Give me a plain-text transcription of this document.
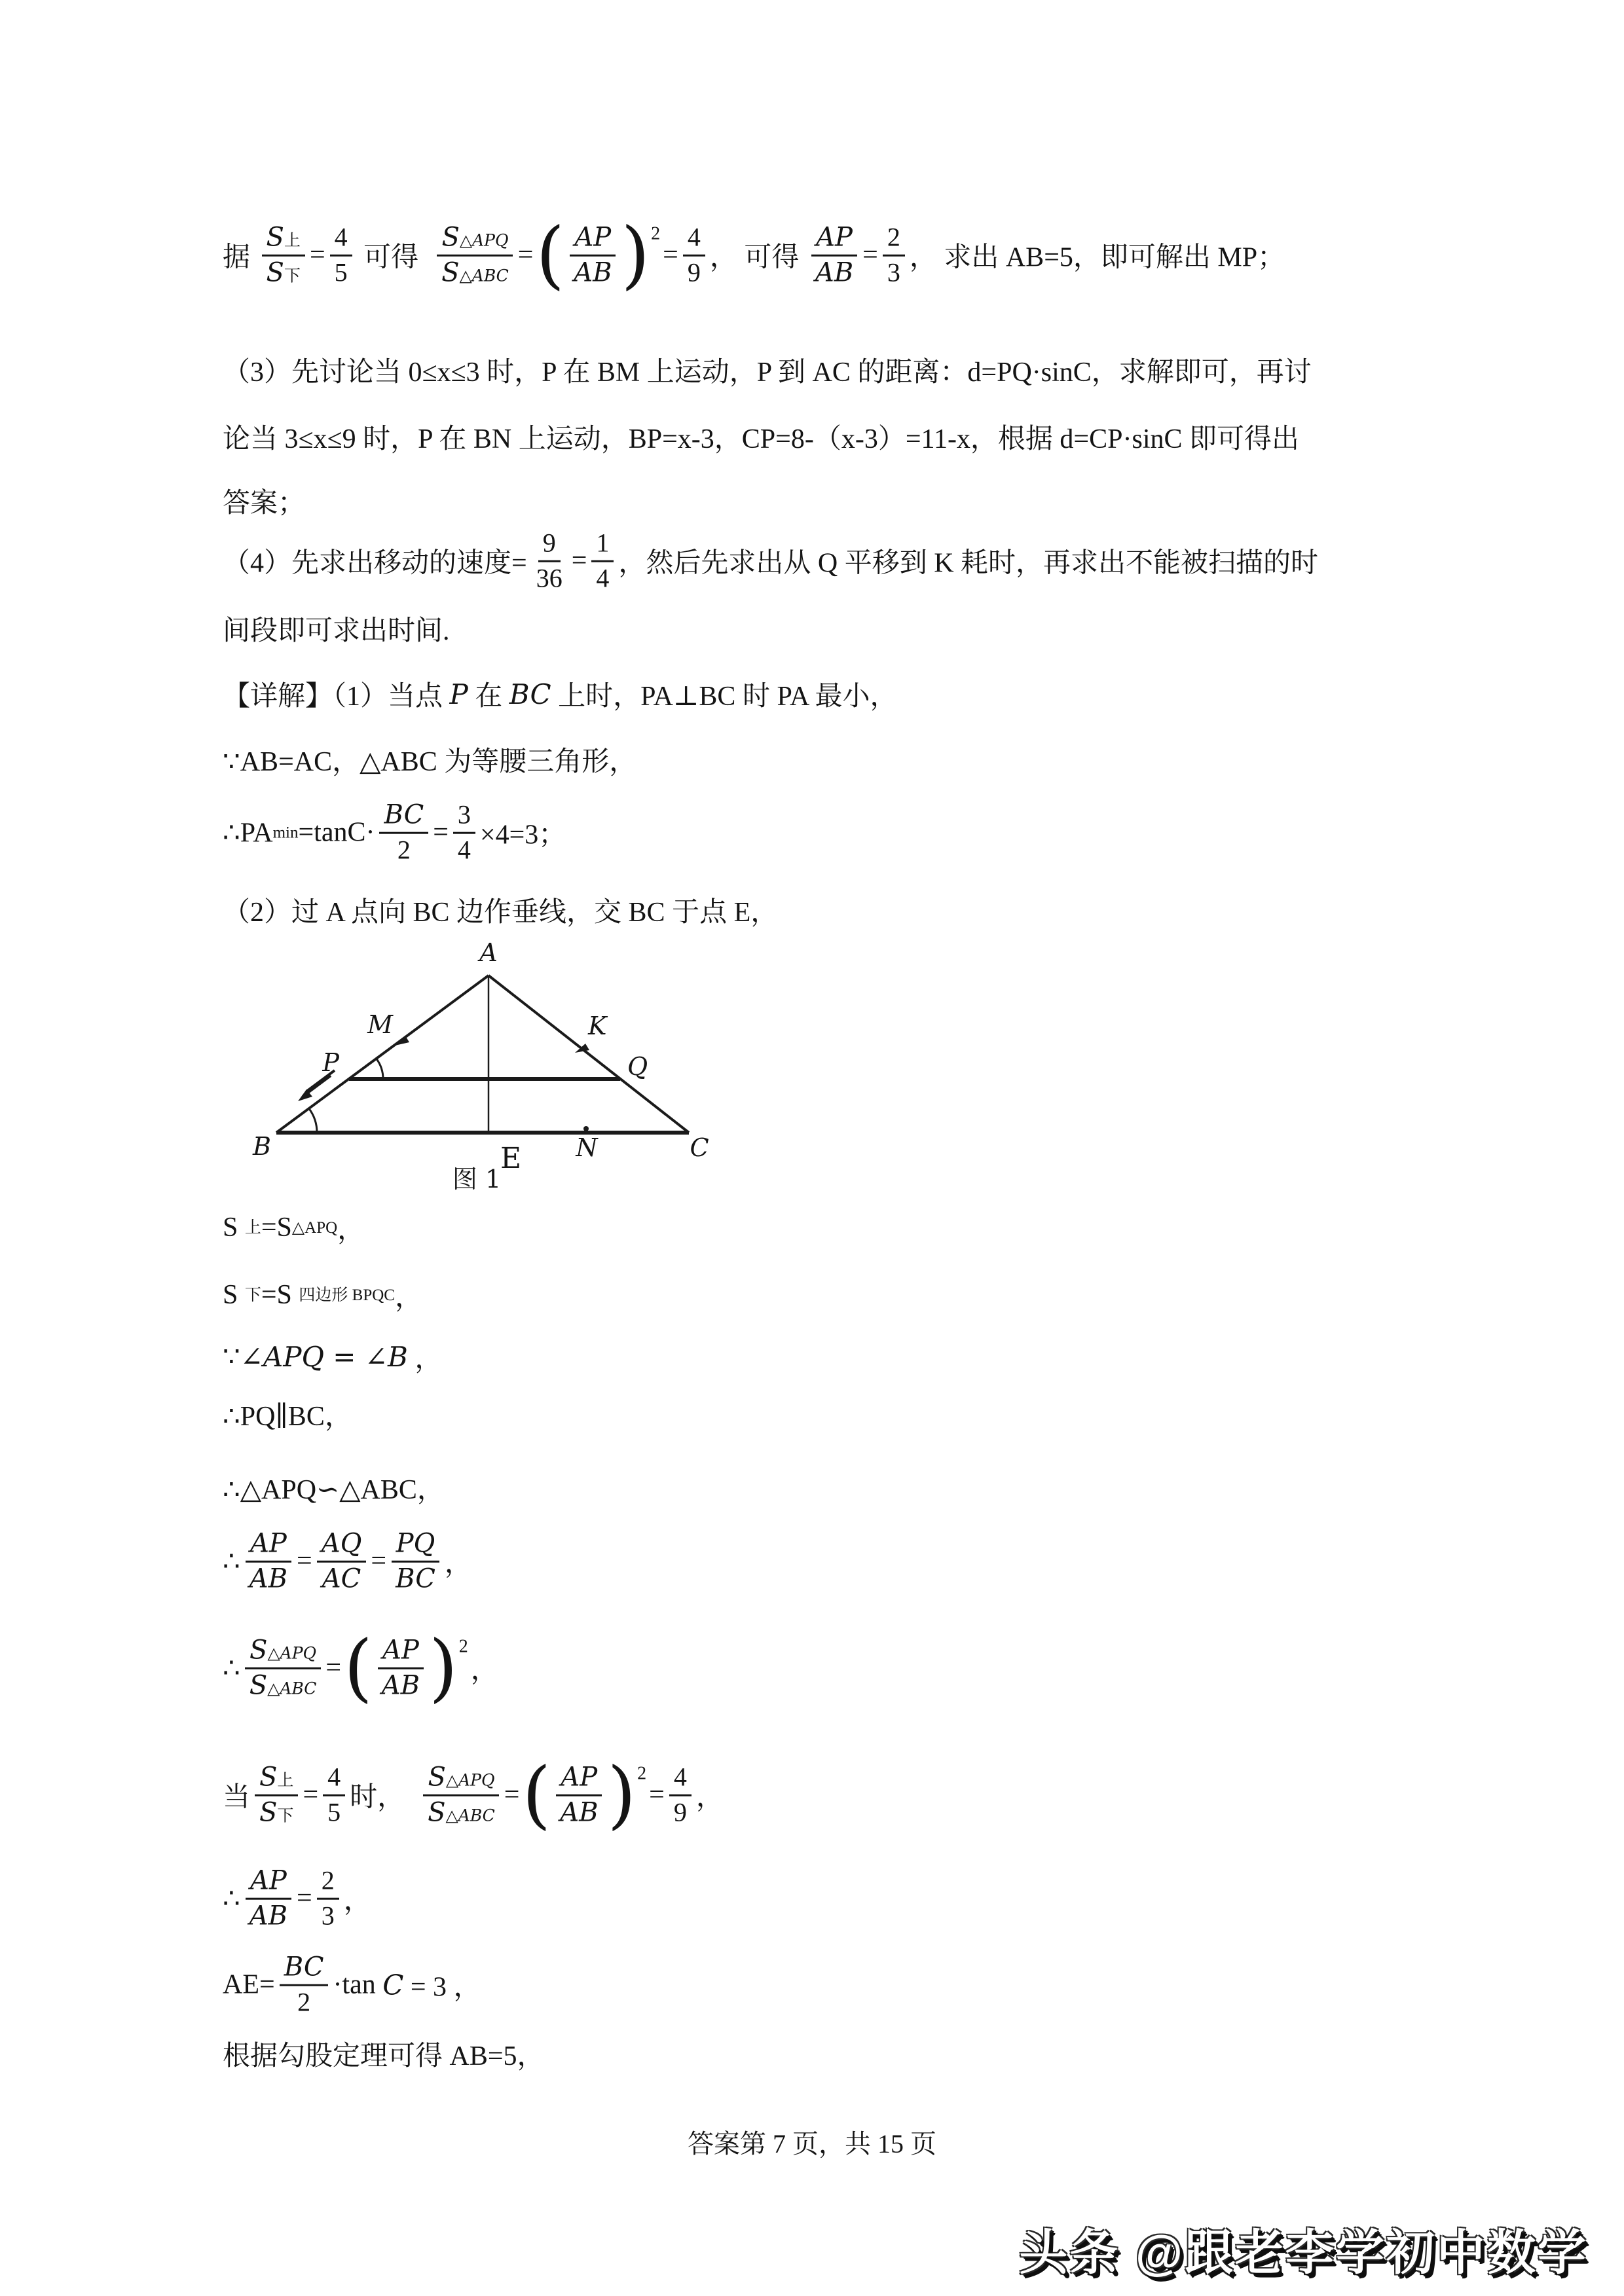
据 $\frac{\text{S 上}}{\text{S 下}} = \frac{4}{5}$ 可得 $\frac{\text{S △APQ}}{\text{S △ABC}}$ = ( $\frac{AP}{AB} )^2$
= $\frac{4}{9}$ ， 可得 $\frac{AP}{AB} = \frac{2}{3}$ ， 求出 AB=5，即可解出 MP；
（3）先讨论当 0≤x≤3 时，P 在 BM 上运动，P 到 AC 的距离：d=PQ·sinC，求解即可，再讨
论当 3≤x≤9 时，P 在 BN 上运动，BP=x-3，CP=8-（x-3）=11-x，根据 d=CP·sinC 即可得出
答案；
（4）先求出移动的速度= $\frac{9}{36} = \frac{1}{4}$ ，然后先求出从 Q 平移到 K 耗时，再求出不能被扫描的时
间段即可求出时间.
【详解】（1）当点 P 在 BC 上时，PA⊥BC 时 PA 最小，
∵AB=AC，△ABC 为等腰三角形，
∴PA $\min =\tan C\cdot \frac{BC}{2} = \frac{3}{4} \times 4=3$；
（2）过 A 点向 BC 边作垂线，交 BC 于点 E，
A
B	C
M	K
P	Q
N
E
图 1
S 上 =S △APQ ，
S 下 =S 四边形 BPQC ，
∵ ∠APQ = ∠B ，
∴PQ∥BC，
∴△APQ∽△ABC，
∴ $\frac{AP}{AB} = \frac{AQ}{AC} = \frac{PQ}{BC}$ ，
∴ $\frac{\text{S △APQ}}{\text{S △ABC}}$ = ( $\frac{AP}{AB} )^2$
，
当 $\frac{\text{S 上}}{\text{S 下}} = \frac{4}{5}$ 时， $\frac{\text{S △APQ}}{\text{S △ABC}}$ = ( $\frac{AP}{AB} )^2$
= $\frac{4}{9}$ ，
∴ $\frac{AP}{AB} = \frac{2}{3}$ ，
$AE= \frac{BC}{2} \cdot\tan$ C = 3 ，
根据勾股定理可得 AB=5，
答案第 7 页，共 15 页
头条 @跟老李学初中数学
